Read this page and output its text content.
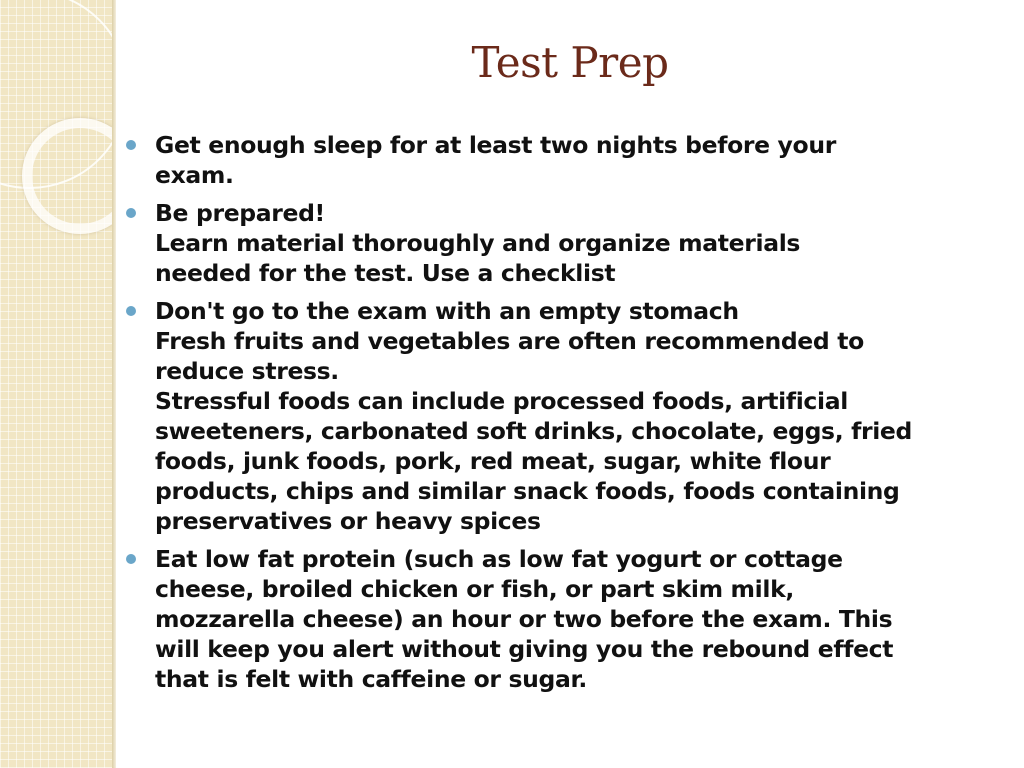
Test Prep
Get enough sleep for at least two nights before your
exam.
Be prepared!
Learn material thoroughly and organize materials
needed for the test. Use a checklist
Don't go to the exam with an empty stomach
Fresh fruits and vegetables are often recommended to
reduce stress.
Stressful foods can include processed foods, artificial
sweeteners, carbonated soft drinks, chocolate, eggs, fried
foods, junk foods, pork, red meat, sugar, white flour
products, chips and similar snack foods, foods containing
preservatives or heavy spices
Eat low fat protein (such as low fat yogurt or cottage
cheese, broiled chicken or fish, or part skim milk,
mozzarella cheese) an hour or two before the exam. This
will keep you alert without giving you the rebound effect
that is felt with caffeine or sugar.
